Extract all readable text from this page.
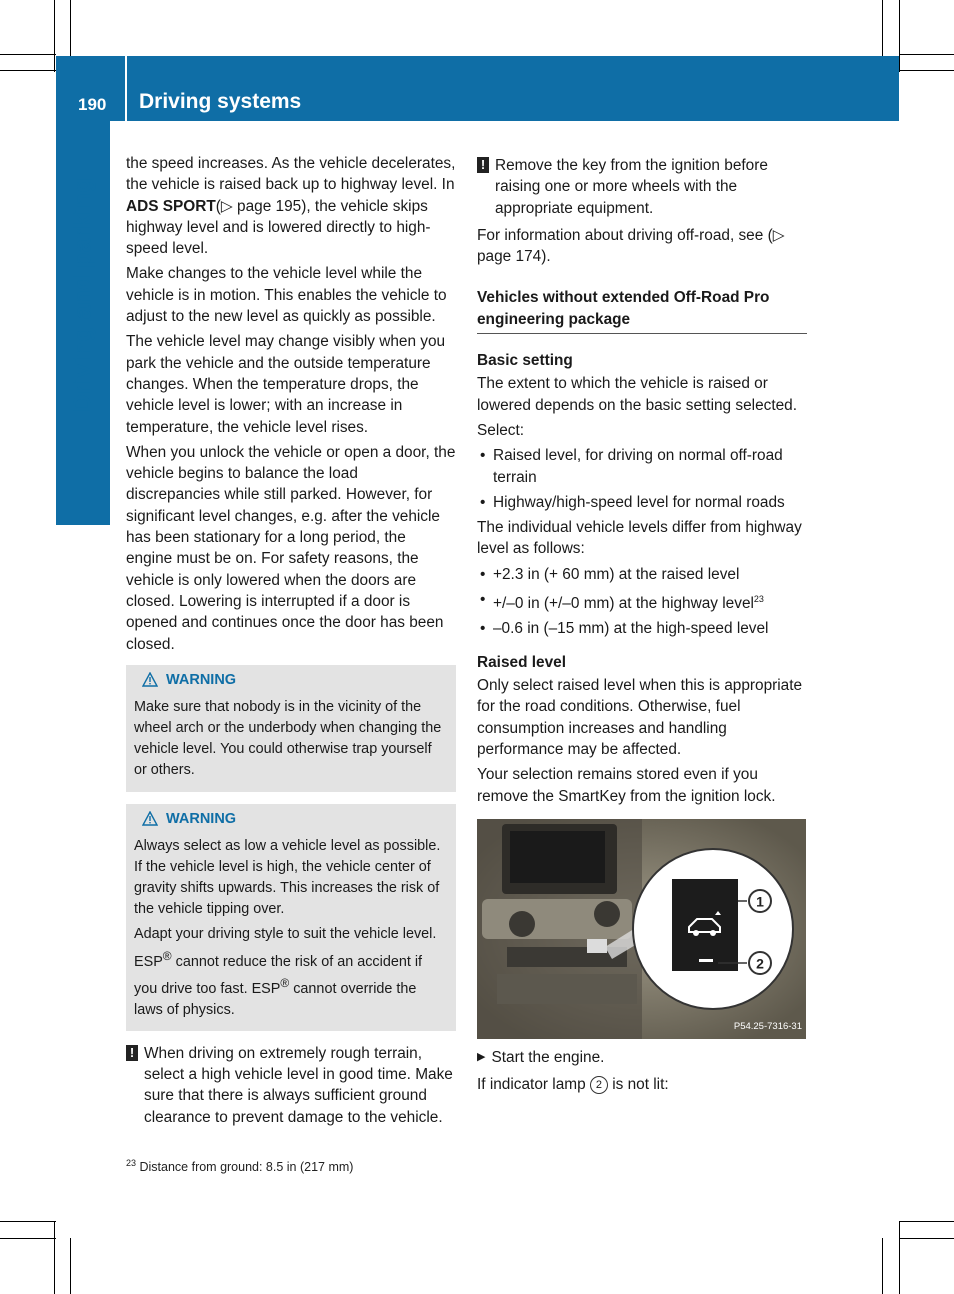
190 Driving systems
Driving and parking

the speed increases. As the vehicle decelerates, the vehicle is raised back up to highway level. In ADS SPORT(▷ page 195), the vehicle skips highway level and is lowered directly to high-speed level.

Make changes to the vehicle level while the vehicle is in motion. This enables the vehicle to adjust to the new level as quickly as possible.

The vehicle level may change visibly when you park the vehicle and the outside temperature changes. When the temperature drops, the vehicle level is lower; with an increase in temperature, the vehicle level rises.

When you unlock the vehicle or open a door, the vehicle begins to balance the load discrepancies while still parked. However, for significant level changes, e.g. after the vehicle has been stationary for a long period, the engine must be on. For safety reasons, the vehicle is only lowered when the doors are closed. Lowering is interrupted if a door is opened and continues once the door has been closed.

WARNING

Make sure that nobody is in the vicinity of the wheel arch or the underbody when changing the vehicle level. You could otherwise trap yourself or others.

WARNING

Always select as low a vehicle level as possible. If the vehicle level is high, the vehicle center of gravity shifts upwards. This increases the risk of the vehicle tipping over.

Adapt your driving style to suit the vehicle level. ESP® cannot reduce the risk of an accident if you drive too fast. ESP® cannot override the laws of physics.

! When driving on extremely rough terrain, select a high vehicle level in good time. Make sure that there is always sufficient ground clearance to prevent damage to the vehicle.
$^{23}$ Distance from ground: 8.5 in (217 mm)
! Remove the key from the ignition before raising one or more wheels with the appropriate equipment.

For information about driving off-road, see (▷ page 174).

Vehicles without extended Off-Road Pro engineering package
Basic setting

The extent to which the vehicle is raised or lowered depends on the basic setting selected.

Select:

• Raised level, for driving on normal off-road terrain
• Highway/high-speed level for normal roads

The individual vehicle levels differ from highway level as follows:

• +2.3 in (+ 60 mm) at the raised level
• +/–0 in (+/–0 mm) at the highway level$^{23}$
• –0.6 in (–15 mm) at the high-speed level
Raised level

Only select raised level when this is appropriate for the road conditions. Otherwise, fuel consumption increases and handling performance may be affected.

Your selection remains stored even if you remove the SmartKey from the ignition lock.

1
2
P54.25-7316-31
▶ Start the engine.

If indicator lamp 2 is not lit:
